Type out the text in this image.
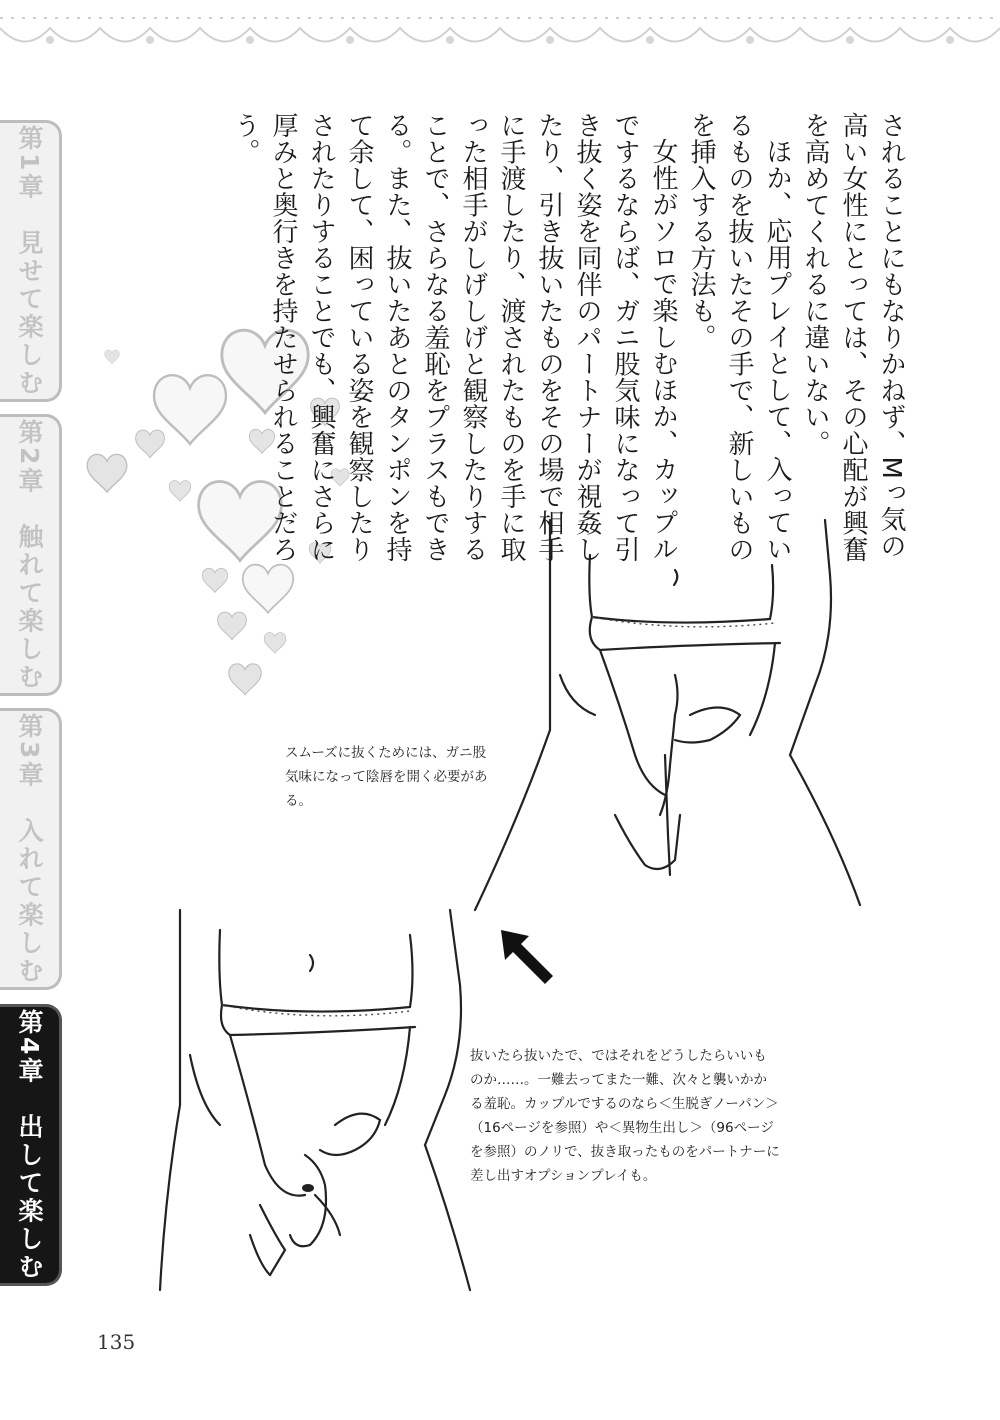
第1章　見せて楽しむ
第2章　触れて楽しむ
第3章　入れて楽しむ
第4章　出して楽しむ

されることにもなりかねず、Mっ気の高い女性にとっては、その心配が興奮を高めてくれるに違いない。

ほか、応用プレイとして、入っているものを抜いたその手で、新しいものを挿入する方法も。

女性がソロで楽しむほか、カップルでするならば、ガニ股気味になって引き抜く姿を同伴のパートナーが視姦したり、引き抜いたものをその場で相手に手渡したり、渡されたものを手に取った相手がしげしげと観察したりすることで、さらなる羞恥をプラスもできる。また、抜いたあとのタンポンを持て余して、困っている姿を観察したりされたりすることでも、興奮にさらに厚みと奥行きを持たせられることだろう。

スムーズに抜くためには、ガニ股気味になって陰唇を開く必要がある。
抜いたら抜いたで、ではそれをどうしたらいいものか……。一難去ってまた一難、次々と襲いかかる羞恥。カップルでするのなら＜生脱ぎノーパン＞（16ページを参照）や＜異物生出し＞（96ページを参照）のノリで、抜き取ったものをパートナーに差し出すオプションプレイも。
135
